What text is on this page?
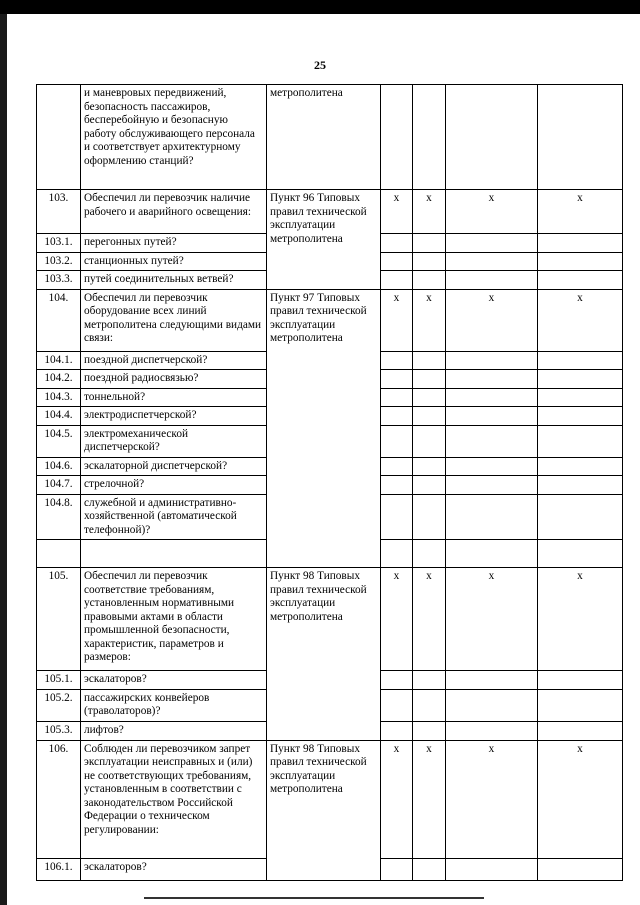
25
	и маневровых передвижений, безопасность пассажиров, бесперебойную и безопасную работу обслуживающего персонала и соответствует архитектурному оформлению станций?	метрополитена				
103.	Обеспечил ли перевозчик наличие рабочего и аварийного освещения:	Пункт 96 Типовых правил технической эксплуатации метрополитена	x	x	x	x
103.1.	перегонных путей?					
103.2.	станционных путей?					
103.3.	путей соединительных ветвей?					
104.	Обеспечил ли перевозчик оборудование всех линий метрополитена следующими видами связи:	Пункт 97 Типовых правил технической эксплуатации метрополитена	x	x	x	x
104.1.	поездной диспетчерской?					
104.2.	поездной радиосвязью?					
104.3.	тоннельной?					
104.4.	электродиспетчерской?					
104.5.	электромеханической диспетчерской?					
104.6.	эскалаторной диспетчерской?					
104.7.	стрелочной?					
104.8.	служебной и административно-хозяйственной (автоматической телефонной)?					

105.	Обеспечил ли перевозчик соответствие требованиям, установленным нормативными правовыми актами в области промышленной безопасности, характеристик, параметров и размеров:	Пункт 98 Типовых правил технической эксплуатации метрополитена	x	x	x	x
105.1.	эскалаторов?					
105.2.	пассажирских конвейеров (траволаторов)?					
105.3.	лифтов?					
106.	Соблюден ли перевозчиком запрет эксплуатации неисправных и (или) не соответствующих требованиям, установленным в соответствии с законодательством Российской Федерации о техническом регулировании:	Пункт 98 Типовых правил технической эксплуатации метрополитена	x	x	x	x
106.1.	эскалаторов?					
